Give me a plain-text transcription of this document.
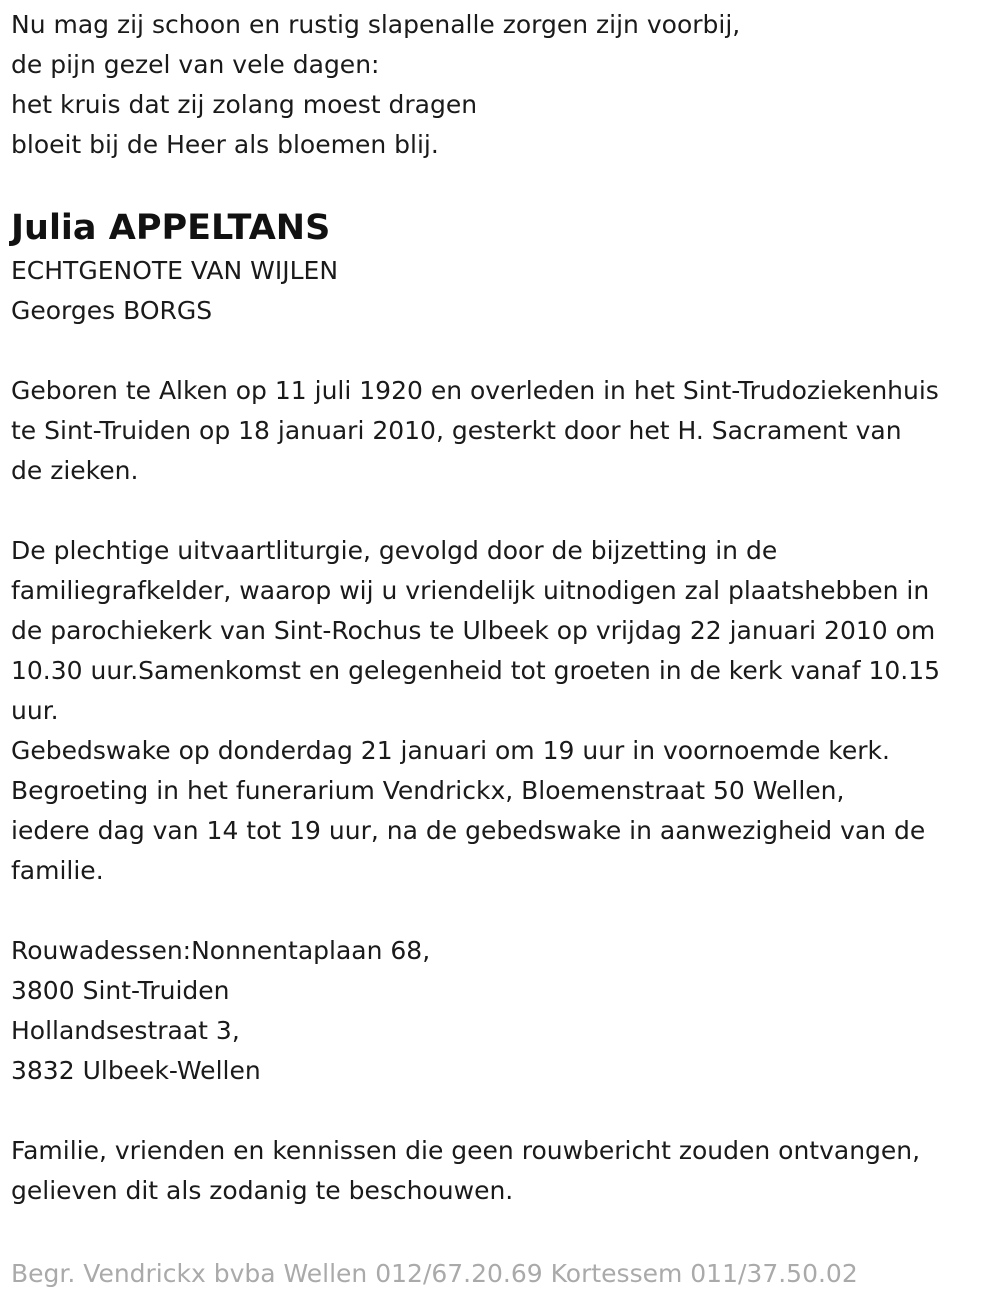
Nu mag zij schoon en rustig slapenalle zorgen zijn voorbij,
de pijn gezel van vele dagen:
het kruis dat zij zolang moest dragen
bloeit bij de Heer als bloemen blij.
Julia APPELTANS
ECHTGENOTE VAN WIJLEN
Georges BORGS
Geboren te Alken op 11 juli 1920 en overleden in het Sint-Trudoziekenhuis
te Sint-Truiden op 18 januari 2010, gesterkt door het H. Sacrament van
de zieken.
De plechtige uitvaartliturgie, gevolgd door de bijzetting in de
familiegrafkelder, waarop wij u vriendelijk uitnodigen zal plaatshebben in
de parochiekerk van Sint-Rochus te Ulbeek op vrijdag 22 januari 2010 om
10.30 uur.Samenkomst en gelegenheid tot groeten in de kerk vanaf 10.15
uur.
Gebedswake op donderdag 21 januari om 19 uur in voornoemde kerk.
Begroeting in het funerarium Vendrickx, Bloemenstraat 50 Wellen,
iedere dag van 14 tot 19 uur, na de gebedswake in aanwezigheid van de
familie.
Rouwadessen:Nonnentaplaan 68,
3800 Sint-Truiden
Hollandsestraat 3,
3832 Ulbeek-Wellen
Familie, vrienden en kennissen die geen rouwbericht zouden ontvangen,
gelieven dit als zodanig te beschouwen.
Begr. Vendrickx bvba Wellen 012/67.20.69 Kortessem 011/37.50.02
